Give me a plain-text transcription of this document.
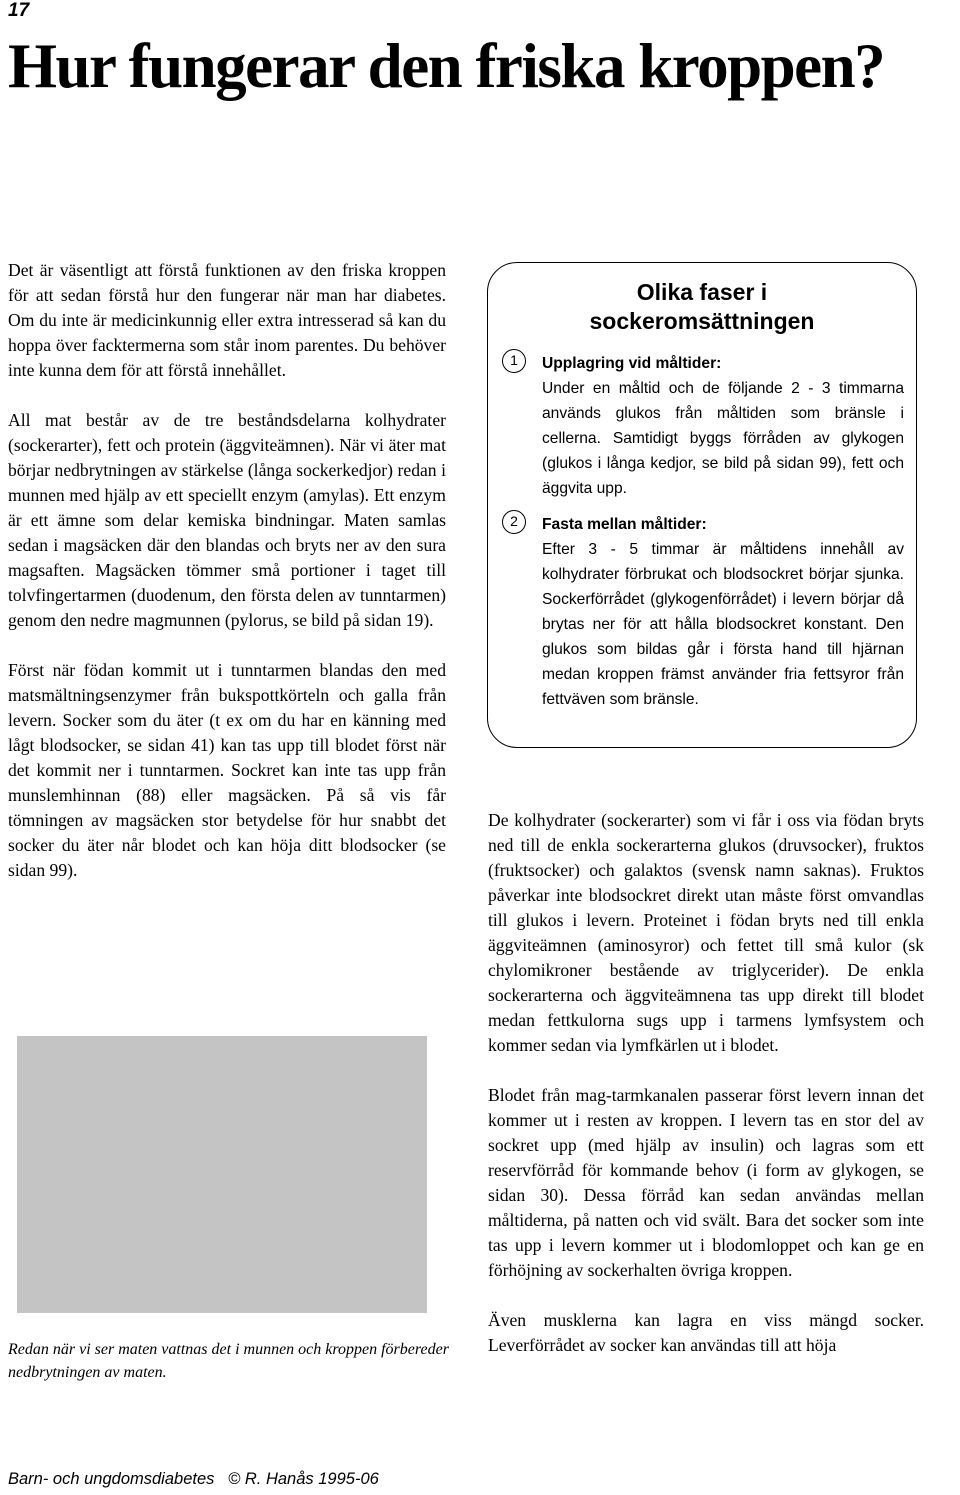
17
Hur fungerar den friska kroppen?

Det är väsentligt att förstå funktionen av den friska kroppen för att sedan förstå hur den fungerar när man har diabetes. Om du inte är medicinkunnig eller extra intresserad så kan du hoppa över facktermerna som står inom parentes. Du behöver inte kunna dem för att förstå innehållet.

All mat består av de tre beståndsdelarna kolhydrater (sockerarter), fett och protein (äggviteämnen). När vi äter mat börjar nedbrytningen av stärkelse (långa sockerkedjor) redan i munnen med hjälp av ett speciellt enzym (amylas). Ett enzym är ett ämne som delar kemiska bindningar. Maten samlas sedan i magsäcken där den blandas och bryts ner av den sura magsaften. Magsäcken tömmer små portioner i taget till tolvfingertarmen (duodenum, den första delen av tunntarmen) genom den nedre magmunnen (pylorus, se bild på sidan 19).

Först när födan kommit ut i tunntarmen blandas den med matsmältningsenzymer från bukspottkörteln och galla från levern. Socker som du äter (t ex om du har en känning med lågt blodsocker, se sidan 41) kan tas upp till blodet först när det kommit ner i tunntarmen. Sockret kan inte tas upp från munslemhinnan (88) eller magsäcken. På så vis får tömningen av magsäcken stor betydelse för hur snabbt det socker du äter når blodet och kan höja ditt blodsocker (se sidan 99).

Redan när vi ser maten vattnas det i munnen och kroppen förbereder nedbrytningen av maten.

Olika faser i sockeromsättningen
1	Upplagring vid måltider:
Under en måltid och de följande 2 - 3 timmarna används glukos från måltiden som bränsle i cellerna. Samtidigt byggs förråden av glykogen (glukos i långa kedjor, se bild på sidan 99), fett och äggvita upp.
2	Fasta mellan måltider:
Efter 3 - 5 timmar är måltidens innehåll av kolhydrater förbrukat och blodsockret börjar sjunka. Sockerförrådet (glykogenförrådet) i levern börjar då brytas ner för att hålla blodsockret konstant. Den glukos som bildas går i första hand till hjärnan medan kroppen främst använder fria fettsyror från fettväven som bränsle.

De kolhydrater (sockerarter) som vi får i oss via födan bryts ned till de enkla sockerarterna glukos (druvsocker), fruktos (fruktsocker) och galaktos (svensk namn saknas). Fruktos påverkar inte blodsockret direkt utan måste först omvandlas till glukos i levern. Proteinet i födan bryts ned till enkla äggviteämnen (aminosyror) och fettet till små kulor (sk chylomikroner bestående av triglycerider). De enkla sockerarterna och äggviteämnena tas upp direkt till blodet medan fettkulorna sugs upp i tarmens lymfsystem och kommer sedan via lymfkärlen ut i blodet.

Blodet från mag-tarmkanalen passerar först levern innan det kommer ut i resten av kroppen. I levern tas en stor del av sockret upp (med hjälp av insulin) och lagras som ett reservförråd för kommande behov (i form av glykogen, se sidan 30). Dessa förråd kan sedan användas mellan måltiderna, på natten och vid svält. Bara det socker som inte tas upp i levern kommer ut i blodomloppet och kan ge en förhöjning av sockerhalten övriga kroppen.

Även musklerna kan lagra en viss mängd socker. Leverförrådet av socker kan användas till att höja

Barn- och ungdomsdiabetes   © R. Hanås 1995-06
